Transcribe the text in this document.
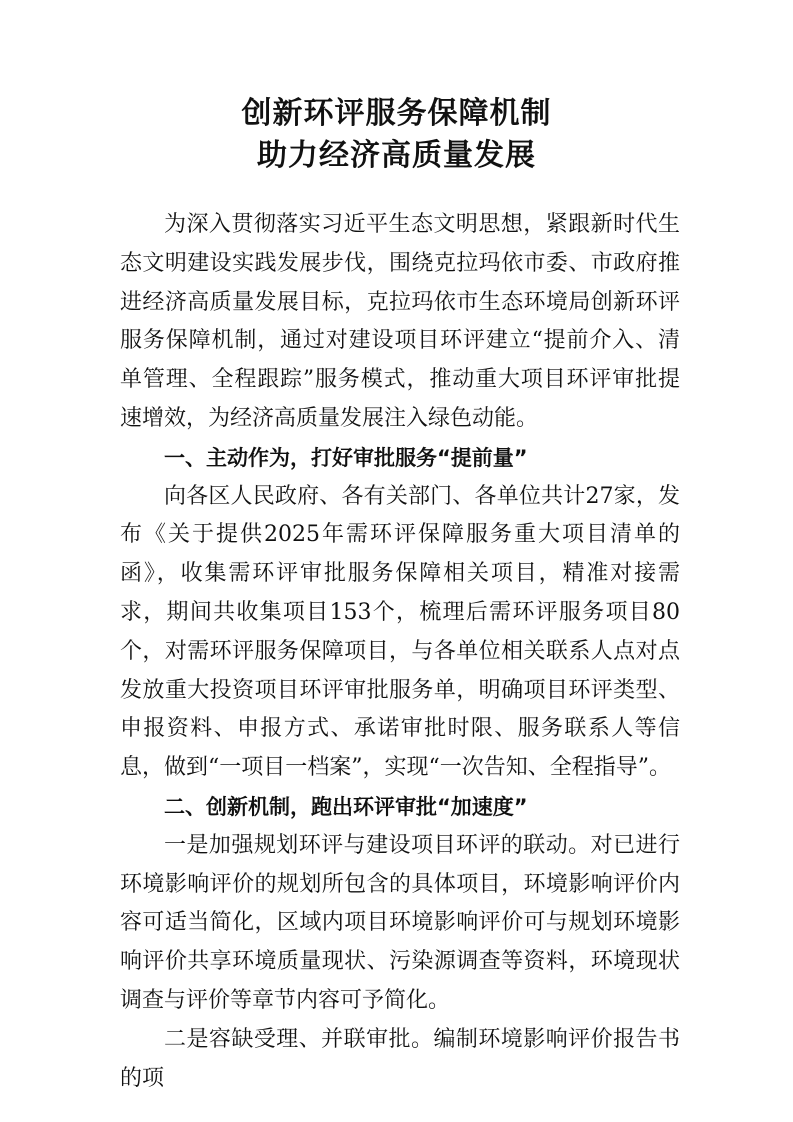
创新环评服务保障机制
助力经济高质量发展

为深入贯彻落实习近平生态文明思想，紧跟新时代生态文明建设实践发展步伐，围绕克拉玛依市委、市政府推进经济高质量发展目标，克拉玛依市生态环境局创新环评服务保障机制，通过对建设项目环评建立“提前介入、清单管理、全程跟踪”服务模式，推动重大项目环评审批提速增效，为经济高质量发展注入绿色动能。

一、主动作为，打好审批服务“提前量”

向各区人民政府、各有关部门、各单位共计27家，发布《关于提供2025年需环评保障服务重大项目清单的函》，收集需环评审批服务保障相关项目，精准对接需求，期间共收集项目153个，梳理后需环评服务项目80个，对需环评服务保障项目，与各单位相关联系人点对点发放重大投资项目环评审批服务单，明确项目环评类型、申报资料、申报方式、承诺审批时限、服务联系人等信息，做到“一项目一档案”，实现“一次告知、全程指导”。

二、创新机制，跑出环评审批“加速度”

一是加强规划环评与建设项目环评的联动。对已进行环境影响评价的规划所包含的具体项目，环境影响评价内容可适当简化，区域内项目环境影响评价可与规划环境影响评价共享环境质量现状、污染源调查等资料，环境现状调查与评价等章节内容可予简化。

二是容缺受理、并联审批。编制环境影响评价报告书的项
